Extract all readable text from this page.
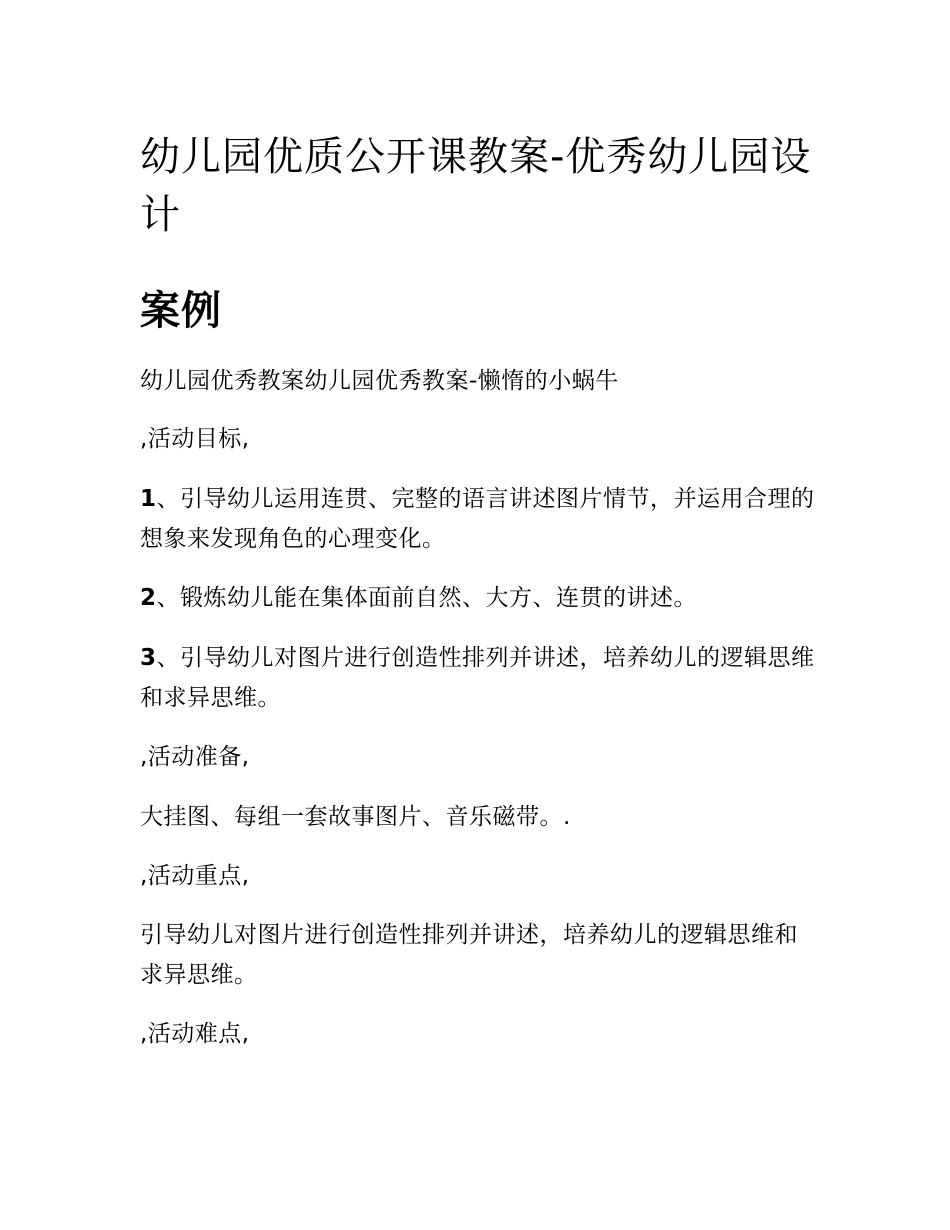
幼儿园优质公开课教案-优秀幼儿园设计
案例

幼儿园优秀教案幼儿园优秀教案-懒惰的小蜗牛

,活动目标,

1、引导幼儿运用连贯、完整的语言讲述图片情节，并运用合理的想象来发现角色的心理变化。

2、锻炼幼儿能在集体面前自然、大方、连贯的讲述。

3、引导幼儿对图片进行创造性排列并讲述，培养幼儿的逻辑思维和求异思维。

,活动准备,

大挂图、每组一套故事图片、音乐磁带。.

,活动重点,

引导幼儿对图片进行创造性排列并讲述，培养幼儿的逻辑思维和求异思维。

,活动难点,
